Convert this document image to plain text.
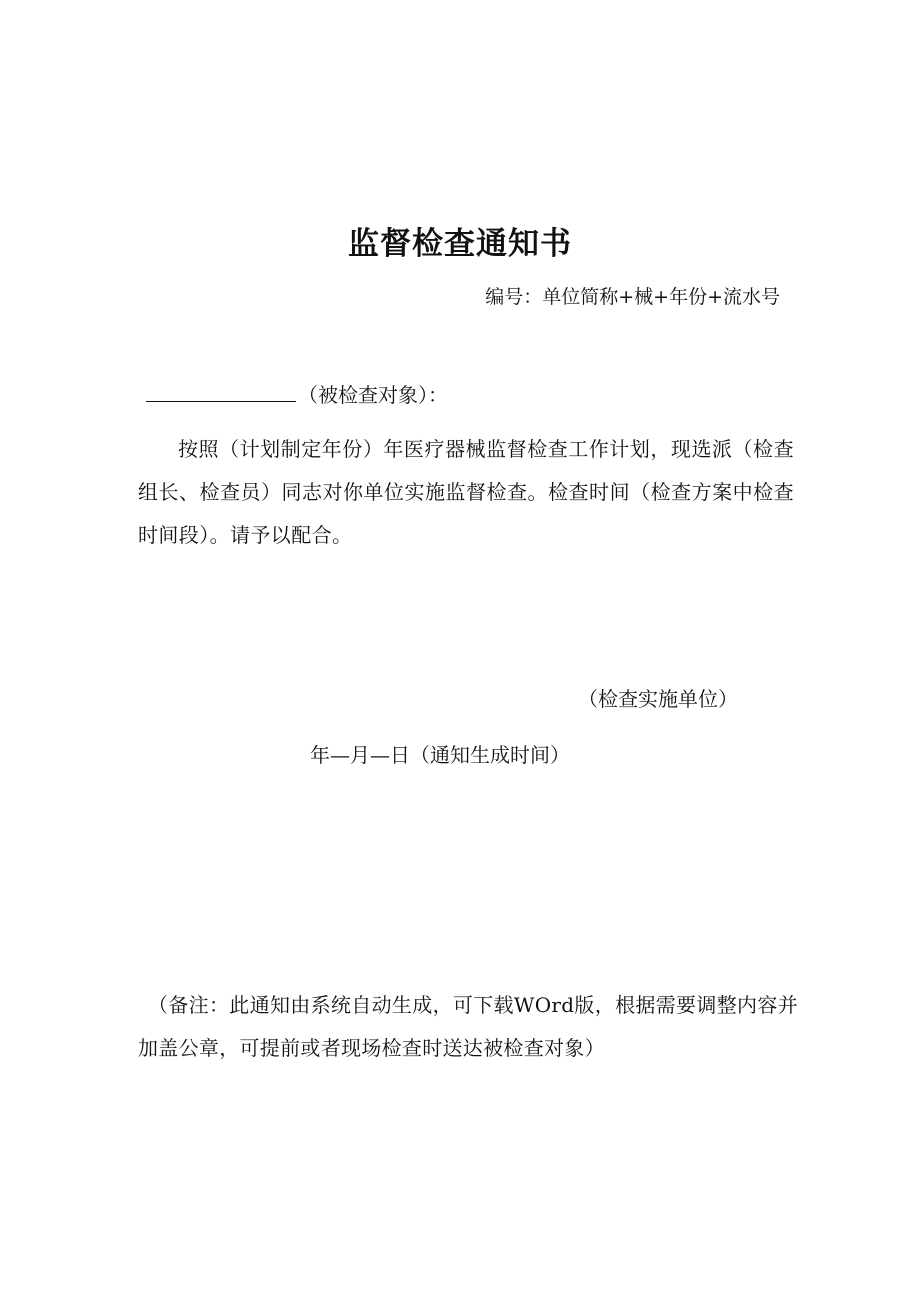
监督检查通知书
编号：单位简称+械+年份+流水号
（被检查对象）：
按照（计划制定年份）年医疗器械监督检查工作计划，现选派（检查组长、检查员）同志对你单位实施监督检查。检查时间（检查方案中检查时间段）。请予以配合。
（检查实施单位）
年—月—日（通知生成时间）
（备注：此通知由系统自动生成，可下载WOrd版，根据需要调整内容并加盖公章，可提前或者现场检查时送达被检查对象）
